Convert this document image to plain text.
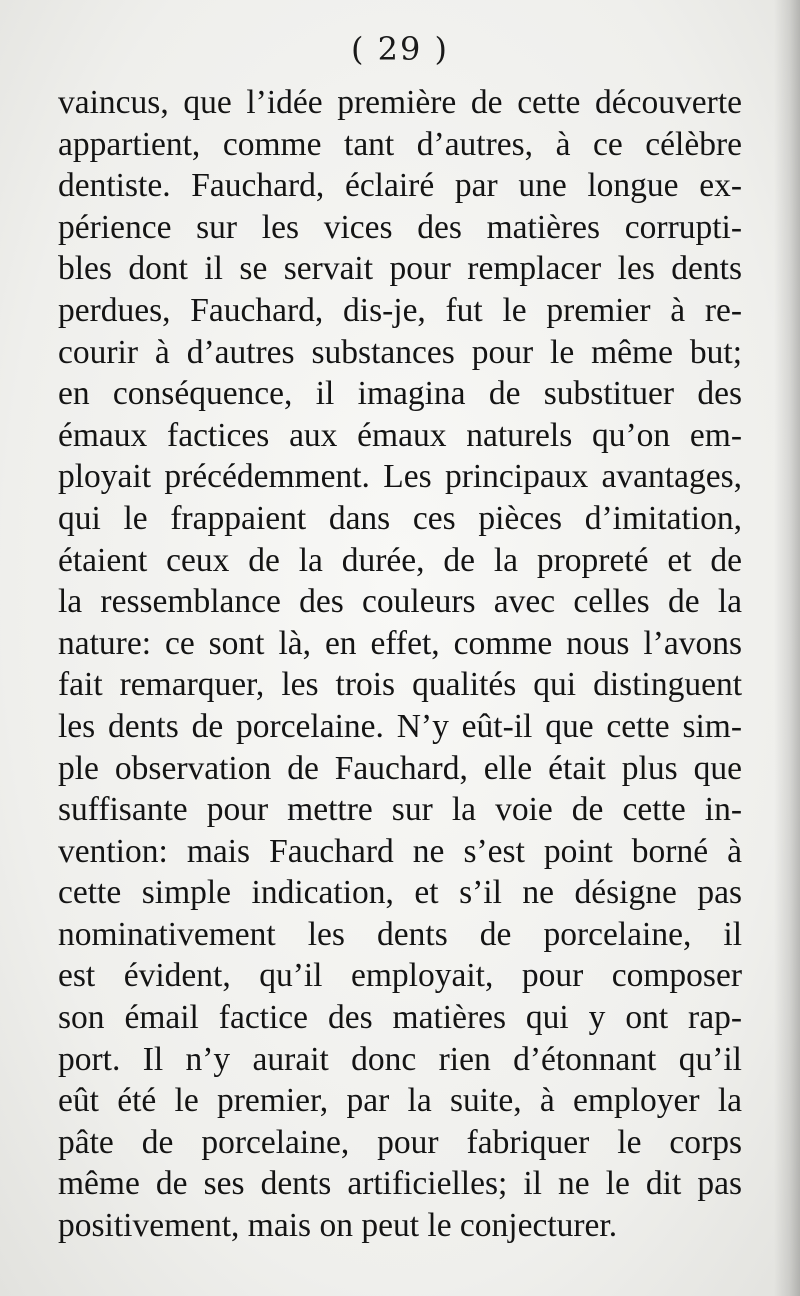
( 29 )
vaincus, que l’idée première de cette découverte
appartient, comme tant d’autres, à ce célèbre
dentiste. Fauchard, éclairé par une longue ex-
périence sur les vices des matières corrupti-
bles dont il se servait pour remplacer les dents
perdues, Fauchard, dis-je, fut le premier à re-
courir à d’autres substances pour le même but;
en conséquence, il imagina de substituer des
émaux factices aux émaux naturels qu’on em-
ployait précédemment. Les principaux avantages,
qui le frappaient dans ces pièces d’imitation,
étaient ceux de la durée, de la propreté et de
la ressemblance des couleurs avec celles de la
nature: ce sont là, en effet, comme nous l’avons
fait remarquer, les trois qualités qui distinguent
les dents de porcelaine. N’y eût-il que cette sim-
ple observation de Fauchard, elle était plus que
suffisante pour mettre sur la voie de cette in-
vention: mais Fauchard ne s’est point borné à
cette simple indication, et s’il ne désigne pas
nominativement les dents de porcelaine, il
est évident, qu’il employait, pour composer
son émail factice des matières qui y ont rap-
port. Il n’y aurait donc rien d’étonnant qu’il
eût été le premier, par la suite, à employer la
pâte de porcelaine, pour fabriquer le corps
même de ses dents artificielles; il ne le dit pas
positivement, mais on peut le conjecturer.
